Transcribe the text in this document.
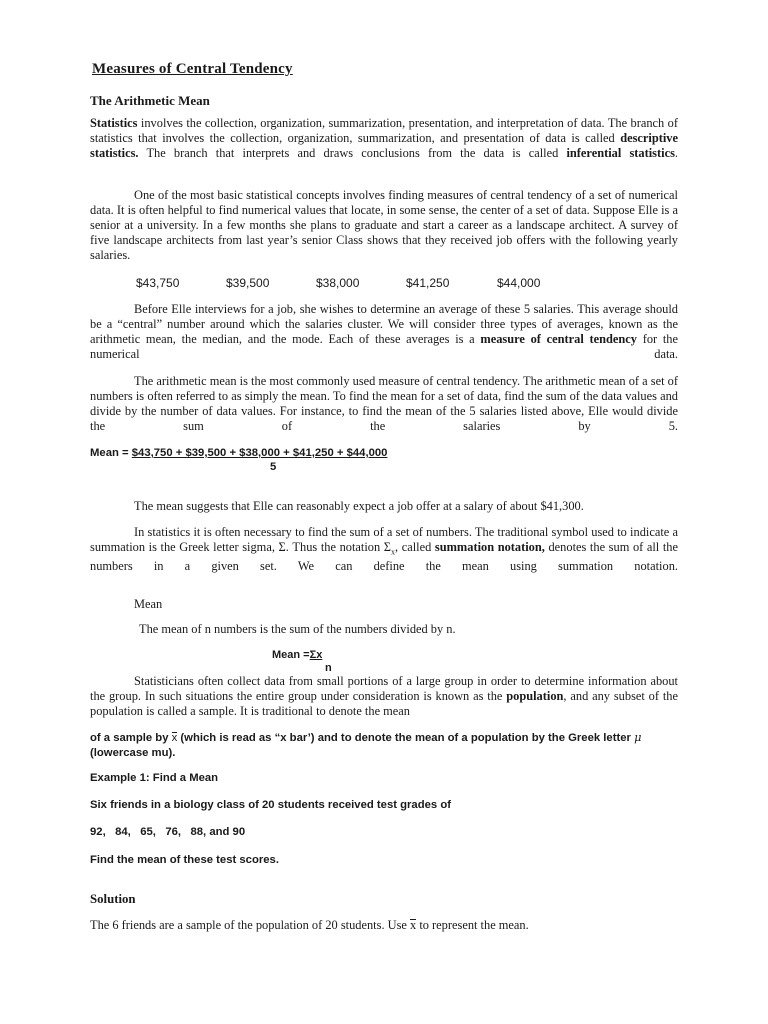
Measures of Central Tendency
The Arithmetic Mean

Statistics involves the collection, organization, summarization, presentation, and interpretation of data. The branch of statistics that involves the collection, organization, summarization, and presentation of data is called descriptive statistics. The branch that interprets and draws conclusions from the data is called inferential statistics.

One of the most basic statistical concepts involves finding measures of central tendency of a set of numerical data. It is often helpful to find numerical values that locate, in some sense, the center of a set of data. Suppose Elle is a senior at a university. In a few months she plans to graduate and start a career as a landscape architect. A survey of five landscape architects from last year’s senior Class shows that they received job offers with the following yearly salaries.

$43,750	$39,500	$38,000	$41,250	$44,000

Before Elle interviews for a job, she wishes to determine an average of these 5 salaries. This average should be a “central” number around which the salaries cluster. We will consider three types of averages, known as the arithmetic mean, the median, and the mode. Each of these averages is a measure of central tendency for the numerical data.

The arithmetic mean is the most commonly used measure of central tendency. The arithmetic mean of a set of numbers is often referred to as simply the mean. To find the mean for a set of data, find the sum of the data values and divide by the number of data values. For instance, to find the mean of the 5 salaries listed above, Elle would divide the sum of the salaries by 5.

Mean = $43,750 + $39,500 + $38,000 + $41,250 + $44,000
5

The mean suggests that Elle can reasonably expect a job offer at a salary of about $41,300.

In statistics it is often necessary to find the sum of a set of numbers. The traditional symbol used to indicate a summation is the Greek letter sigma, Σ. Thus the notation $\Sigma_x$, called summation notation, denotes the sum of all the numbers in a given set. We can define the mean using summation notation.

Mean
The mean of n numbers is the sum of the numbers divided by n.
Mean =Σx
n

Statisticians often collect data from small portions of a large group in order to determine information about the group. In such situations the entire group under consideration is known as the population, and any subset of the population is called a sample. It is traditional to denote the mean

of a sample by x (which is read as “x bar’) and to denote the mean of a population by the Greek letter μ
(lowercase mu).

Example 1: Find a Mean
Six friends in a biology class of 20 students received test grades of
92,   84,   65,   76,   88, and 90
Find the mean of these test scores.
Solution
The 6 friends are a sample of the population of 20 students. Use x to represent the mean.
